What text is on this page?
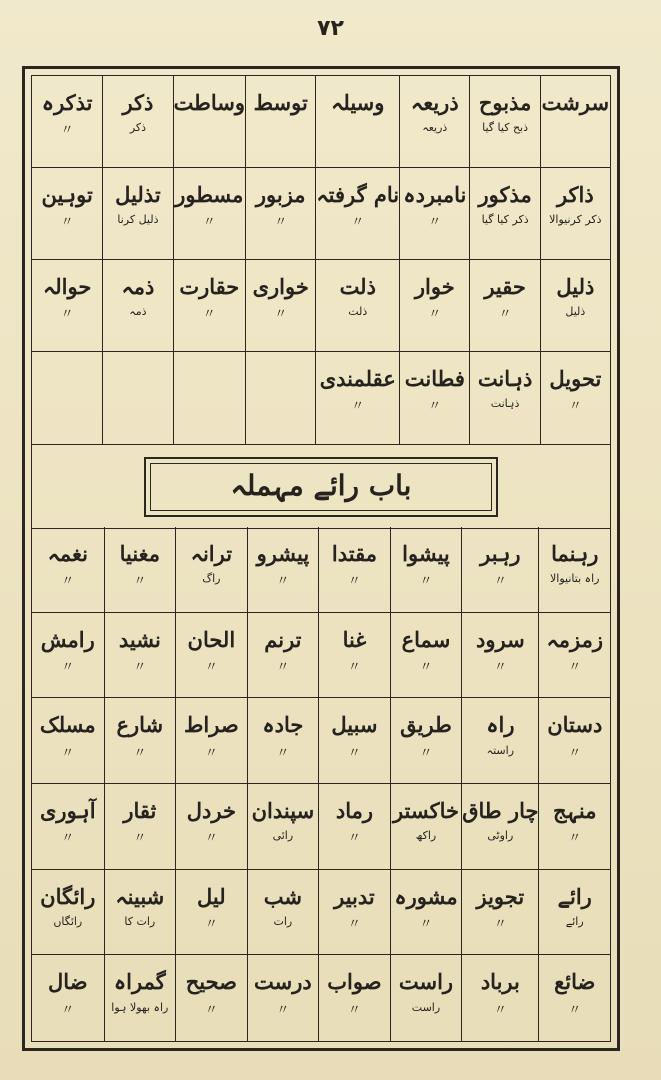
۷۲
سرشت
مذبوح
ذبح کیا گیا
ذریعہ
ذریعہ
وسیلہ
توسط
وساطت
ذکر
ذکر
تذکرہ
〃
ذاکر
ذکر کرنیوالا
مذکور
ذکر کیا گیا
نامبردہ
〃
نام گرفتہ
〃
مزبور
〃
مسطور
〃
تذلیل
ذلیل کرنا
توہین
〃
ذلیل
ذلیل
حقیر
〃
خوار
〃
ذلت
ذلت
خواری
〃
حقارت
〃
ذمہ
ذمہ
حوالہ
〃
تحویل
〃
ذہانت
ذہانت
فطانت
〃
عقلمندی
〃
باب رائے مہملہ
رہنما
راہ بتانیوالا
رہبر
〃
پیشوا
〃
مقتدا
〃
پیشرو
〃
ترانہ
راگ
مغنیا
〃
نغمہ
〃
زمزمہ
〃
سرود
〃
سماع
〃
غنا
〃
ترنم
〃
الحان
〃
نشید
〃
رامش
〃
دستان
〃
راہ
راستہ
طریق
〃
سبیل
〃
جادہ
〃
صراط
〃
شارع
〃
مسلک
〃
منہج
〃
چار طاق
راوٹی
خاکستر
راکھ
رماد
〃
سپندان
رائی
خردل
〃
ثقار
〃
آہوری
〃
رائے
رائے
تجویز
〃
مشورہ
〃
تدبیر
〃
شب
رات
لیل
〃
شبینہ
رات کا
رائگان
رائگاں
ضائع
〃
برباد
〃
راست
راست
صواب
〃
درست
〃
صحیح
〃
گمراہ
راہ بھولا ہوا
ضال
〃
